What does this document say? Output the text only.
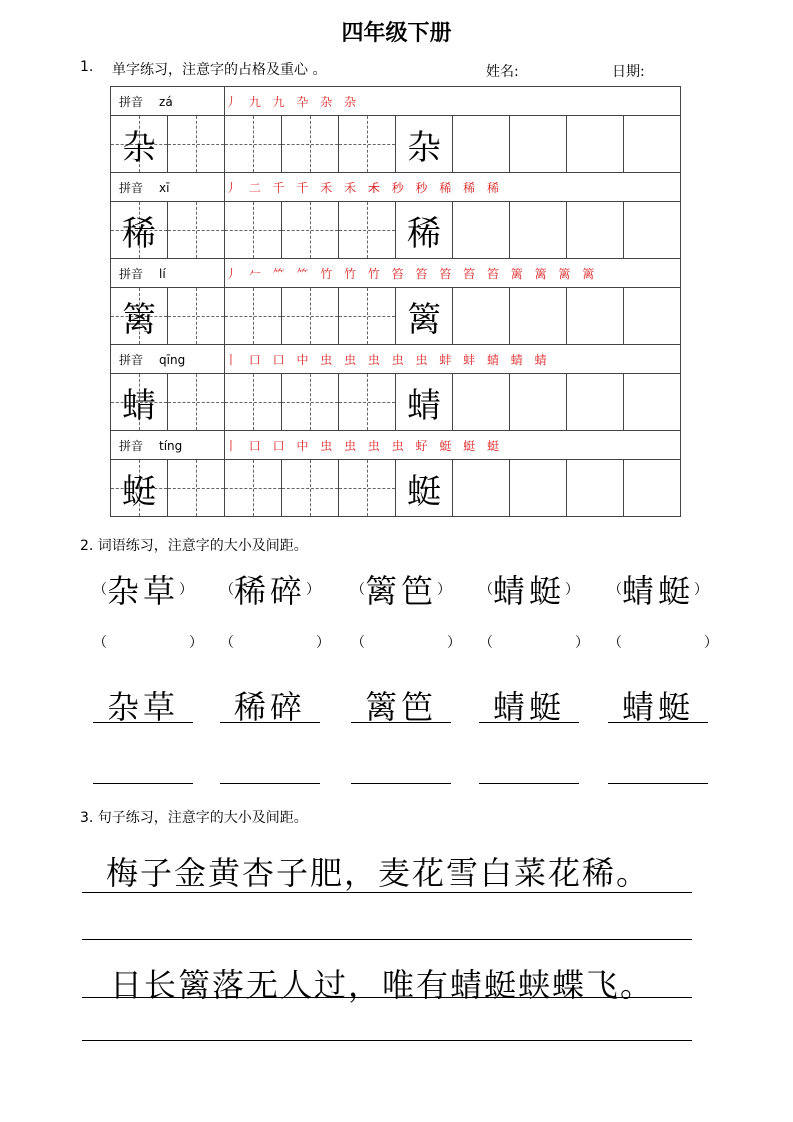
四年级下册
1. 单字练习，注意字的占格及重心 。	姓名:	日期:
拼音 zá		丿 九 九 卆 杂 杂							

杂					杂				

拼音 xī		丿 二 千 千 禾 禾 𥝌 秒 秒 稀 稀 稀							

稀					稀				

拼音 lí		丿 𠂉 ⺮ ⺮ 竹 竹 竹 笞 笞 笞 笞 笞 篱 篱 篱 篱							

篱					篱				

拼音 qīng		丨 口 口 中 虫 虫 虫 虫 虫 蚌 蚌 蜻 蜻 蜻							

蜻					蜻				

拼音 tíng		丨 口 口 中 虫 虫 虫 虫 虸 蜓 蜓 蜓							

蜓					蜓				

2. 词语练习，注意字的大小及间距。
（ 杂草 ）
（	）
杂草
（ 稀碎 ）
（	）
稀碎
（ 篱笆 ）
（	）
篱笆
（ 蜻蜓 ）
（	）
蜻蜓
（ 蜻蜓 ）
（	）
蜻蜓
3. 句子练习，注意字的大小及间距。
梅子金黄杏子肥，麦花雪白菜花稀。
日长篱落无人过，唯有蜻蜓蛱蝶飞。
